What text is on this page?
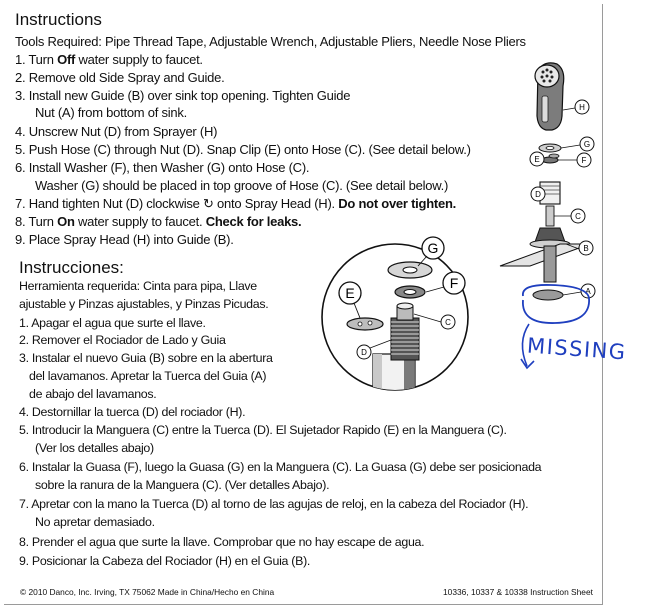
Instructions
Tools Required: Pipe Thread Tape, Adjustable Wrench, Adjustable Pliers, Needle Nose Pliers
1. Turn Off water supply to faucet.
2. Remove old Side Spray and Guide.
3. Install new Guide (B) over sink top opening. Tighten Guide
Nut (A) from bottom of sink.
4. Unscrew Nut (D) from Sprayer (H)
5. Push Hose (C) through Nut (D). Snap Clip (E) onto Hose (C). (See detail below.)
6. Install Washer (F), then Washer (G) onto Hose (C).
Washer (G) should be placed in top groove of Hose (C). (See detail below.)
7. Hand tighten Nut (D) clockwise ↻ onto Spray Head (H). Do not over tighten.
8. Turn On water supply to faucet. Check for leaks.
9. Place Spray Head (H) into Guide (B).
Instrucciones:
Herramienta requerida: Cinta para pipa, Llave
ajustable y Pinzas ajustables, y Pinzas Picudas.
1. Apagar el agua que surte el llave.
2. Remover el Rociador de Lado y Guia
3. Instalar el nuevo Guia (B) sobre en la abertura
del lavamanos. Apretar la Tuerca del Guia (A)
de abajo del lavamanos.
4. Destornillar la tuerca (D) del rociador (H).
5. Introducir la Manguera (C) entre la Tuerca (D). El Sujetador Rapido (E) en la Manguera (C).
(Ver los detalles abajo)
6. Instalar la Guasa (F), luego la Guasa (G) en la Manguera (C). La Guasa (G) debe ser posicionada
sobre la ranura de la Manguera (C). (Ver detalles Abajo).
7. Apretar con la mano la Tuerca (D) al torno de las agujas de reloj, en la cabeza del Rociador (H).
No apretar demasiado.
8. Prender el agua que surte la llave. Comprobar que no hay escape de agua.
9. Posicionar la Cabeza del Rociador (H) en el Guia (B).
© 2010 Danco, Inc. Irving, TX 75062 Made in China/Hecho en China	10336, 10337 & 10338 Instruction Sheet
G
F
E
C
D
H
G
F
E
D
C
B
A
MISSING
